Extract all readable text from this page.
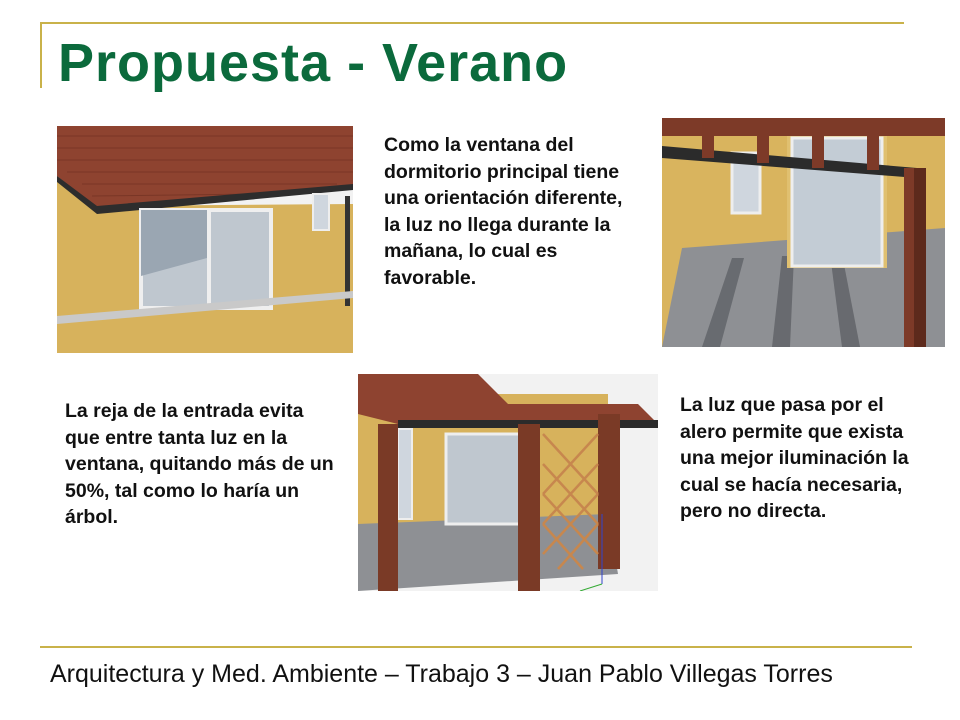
Propuesta - Verano

Como la ventana del dormitorio principal tiene una orientación diferente, la luz no llega durante la mañana, lo cual es favorable.

La reja de la entrada evita que entre tanta luz en la ventana, quitando más de un 50%, tal como lo haría un árbol.

La luz que pasa por el alero permite que exista una mejor iluminación la cual se hacía necesaria, pero no directa.

Arquitectura y Med. Ambiente – Trabajo 3 – Juan Pablo Villegas Torres
